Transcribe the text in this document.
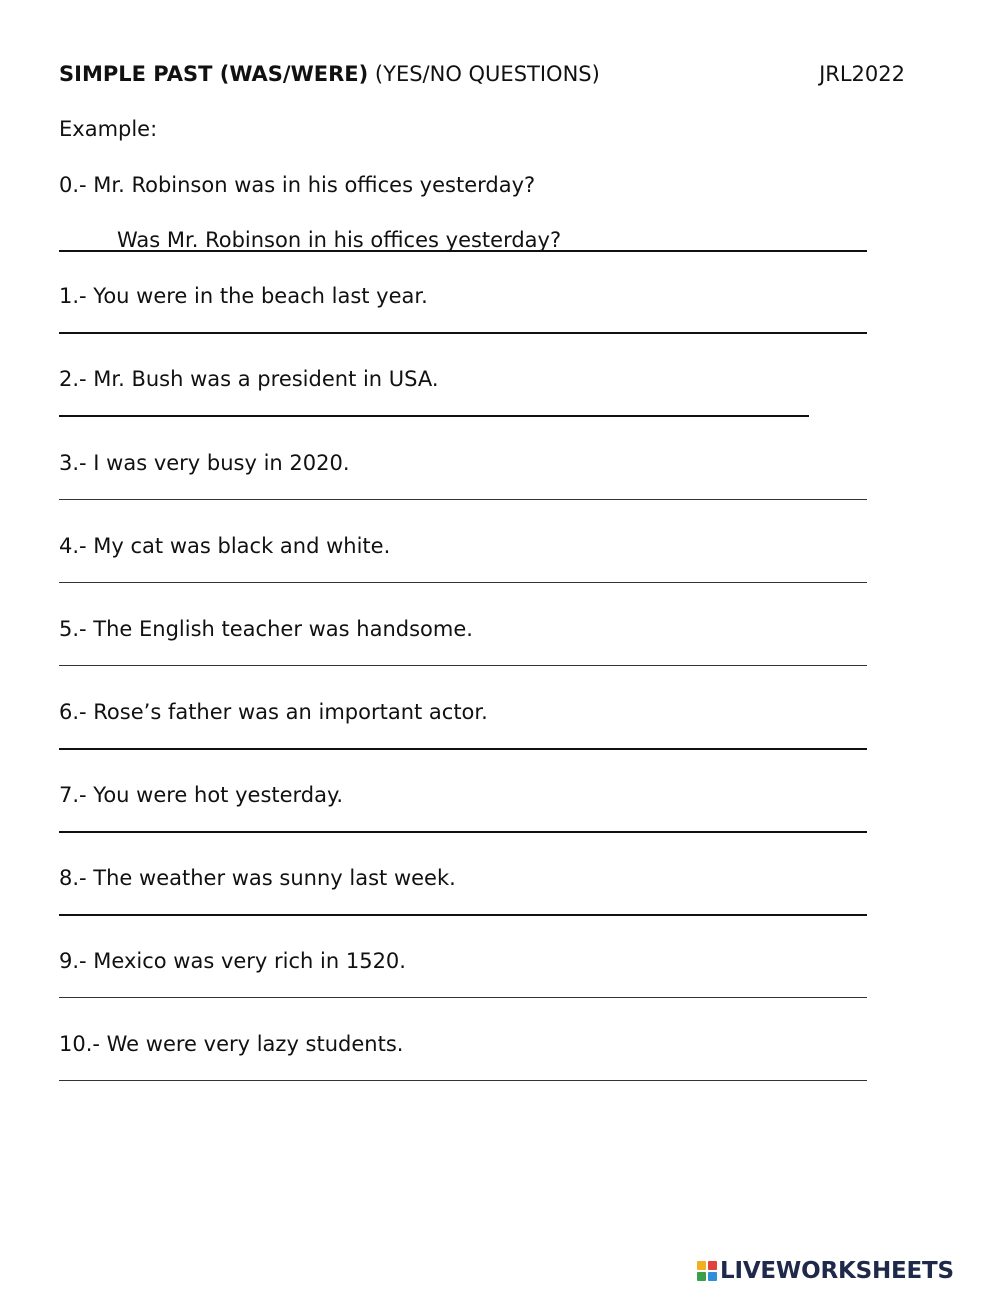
SIMPLE PAST (WAS/WERE) (YES/NO QUESTIONS)	JRL2022
Example:
0.- Mr. Robinson was in his offices yesterday?
Was Mr. Robinson in his offices yesterday?
1.- You were in the beach last year.
2.- Mr. Bush was a president in USA.
3.- I was very busy in 2020.
4.- My cat was black and white.
5.- The English teacher was handsome.
6.- Rose’s father was an important actor.
7.- You were hot yesterday.
8.- The weather was sunny last week.
9.- Mexico was very rich in 1520.
10.- We were very lazy students.
LIVEWORKSHEETS
